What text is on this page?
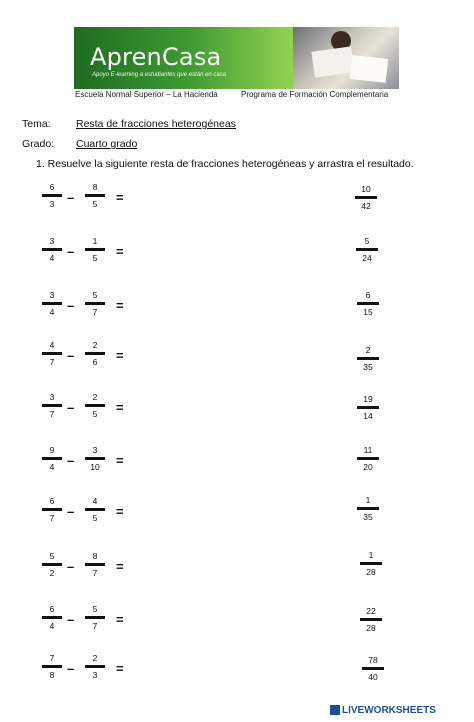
AprenCasa
Apoyo E-learning a estudiantes que están en casa
Escuela Normal Superior – La Hacienda	Programa de Formación Complementaria
Tema: Resta de fracciones heterogéneas
Grado: Cuarto grado
1. Resuelve la siguiente resta de fracciones heterogéneas y arrastra el resultado.
6
3 –
8
5	=
3
4 –
1
5	=
3
4 –
5
7	=
4
7 –
2
6	=
3
7 –
2
5	=
9
4 –
3
10	=
6
7 –
4
5	=
5
2 –
8
7	=
6
4 –
5
7	=
7
8 –
2
3	=
10
42
5
24
6
15
2
35
19
14
11
20
1
35
1
28
22
28
78
40
LIVEWORKSHEETS
